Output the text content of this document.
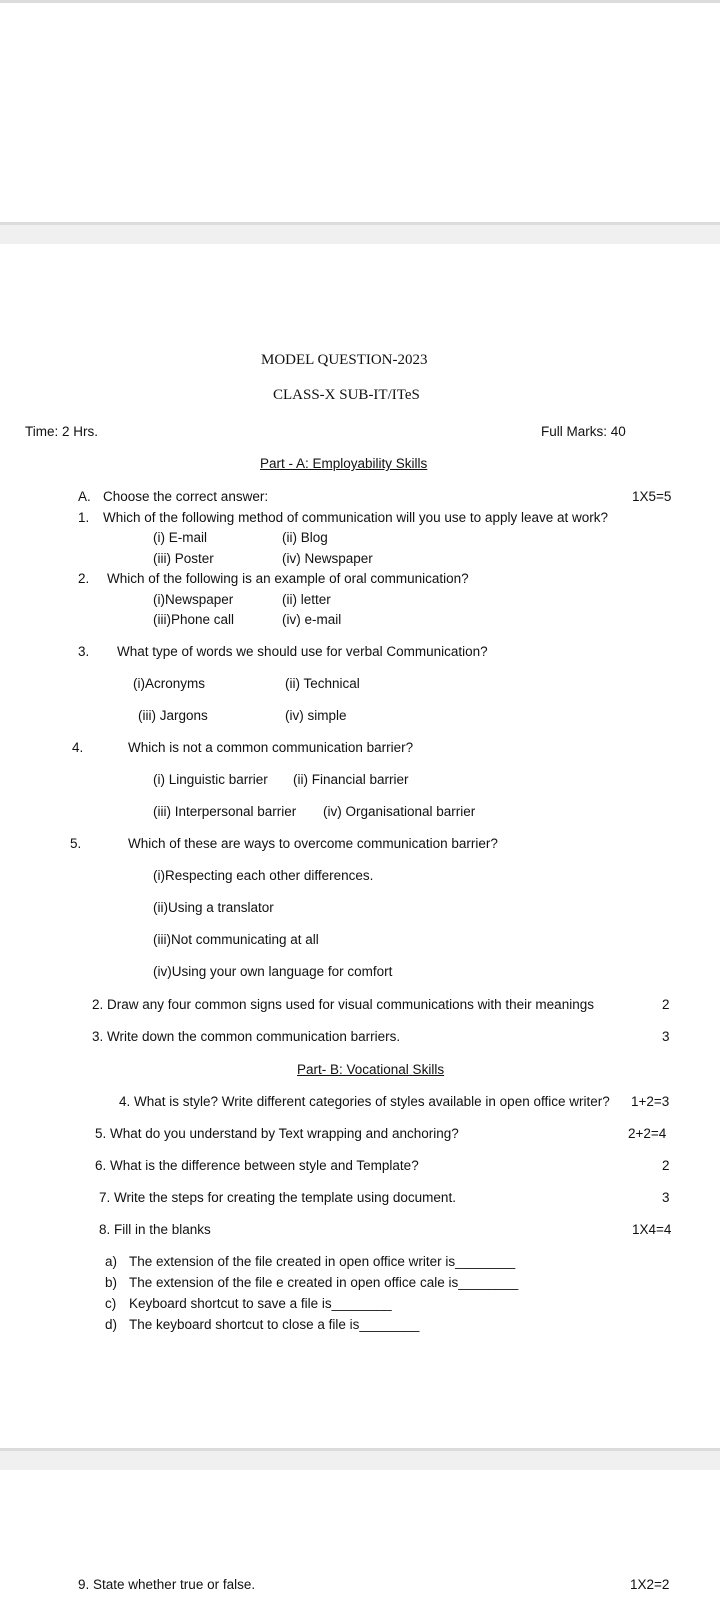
MODEL QUESTION-2023
CLASS-X SUB-IT/ITeS
Time: 2 Hrs.	Full Marks: 40
Part - A: Employability Skills
A. Choose the correct answer:	1X5=5
1. Which of the following method of communication will you use to apply leave at work?
(i) E-mail	(ii) Blog
(iii) Poster	(iv) Newspaper
2. Which of the following is an example of oral communication?
(i)Newspaper	(ii) letter
(iii)Phone call	(iv) e-mail
3. What type of words we should use for verbal Communication?
(i)Acronyms	(ii) Technical
(iii) Jargons	(iv) simple
4.	Which is not a common communication barrier?
(i) Linguistic barrier (ii) Financial barrier
(iii) Interpersonal barrier (iv) Organisational barrier
5.	Which of these are ways to overcome communication barrier?
(i)Respecting each other differences.
(ii)Using a translator
(iii)Not communicating at all
(iv)Using your own language for comfort
2. Draw any four common signs used for visual communications with their meanings	2
3. Write down the common communication barriers.	3
Part- B: Vocational Skills
4. What is style? Write different categories of styles available in open office writer? 1+2=3
5. What do you understand by Text wrapping and anchoring?	2+2=4
6. What is the difference between style and Template?	2
7. Write the steps for creating the template using document.	3
8. Fill in the blanks	1X4=4
a) The extension of the file created in open office writer is________
b) The extension of the file e created in open office cale is________
c) Keyboard shortcut to save a file is________
d) The keyboard shortcut to close a file is________
9. State whether true or false.	1X2=2
